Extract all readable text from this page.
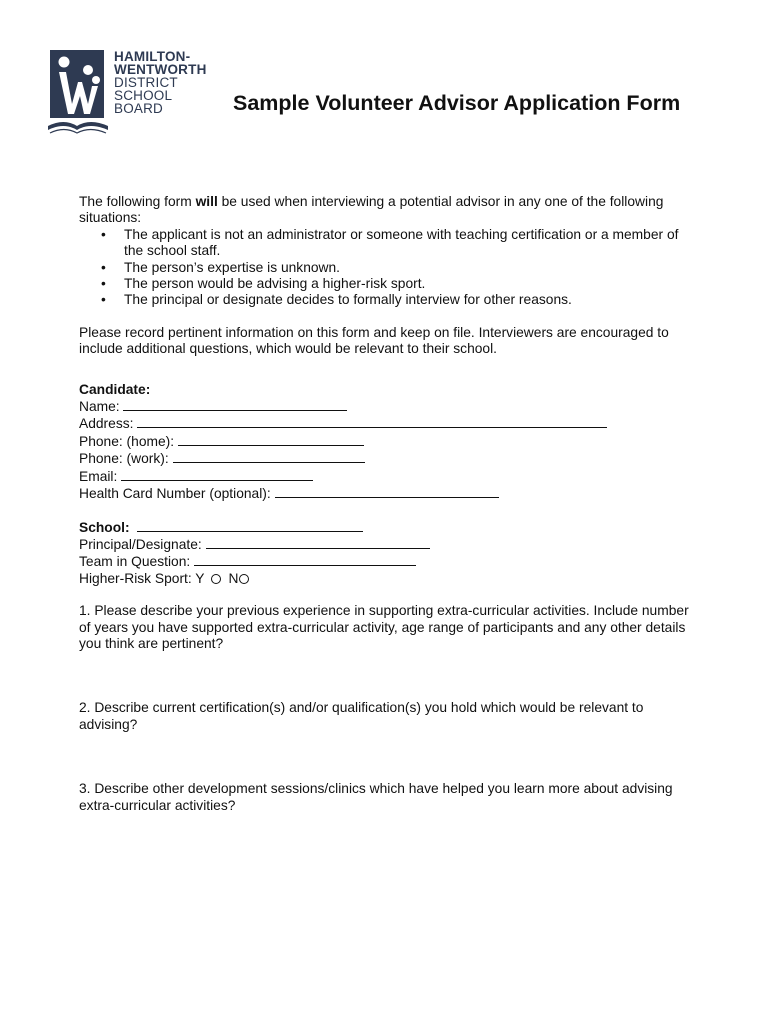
HAMILTON-
WENTWORTH
DISTRICT
SCHOOL
BOARD	Sample Volunteer Advisor Application Form

The following form will be used when interviewing a potential advisor in any one of the following situations:

• The applicant is not an administrator or someone with teaching certification or a member of the school staff.
• The person’s expertise is unknown.
• The person would be advising a higher-risk sport.
• The principal or designate decides to formally interview for other reasons.

Please record pertinent information on this form and keep on file. Interviewers are encouraged to include additional questions, which would be relevant to their school.

Candidate:

Name:

Address:

Phone: (home):

Phone: (work):

Email:

Health Card Number (optional):

School:

Principal/Designate:

Team in Question:

Higher-Risk Sport: Y N

1. Please describe your previous experience in supporting extra-curricular activities. Include number of years you have supported extra-curricular activity, age range of participants and any other details you think are pertinent?

2. Describe current certification(s) and/or qualification(s) you hold which would be relevant to advising?

3. Describe other development sessions/clinics which have helped you learn more about advising extra-curricular activities?
